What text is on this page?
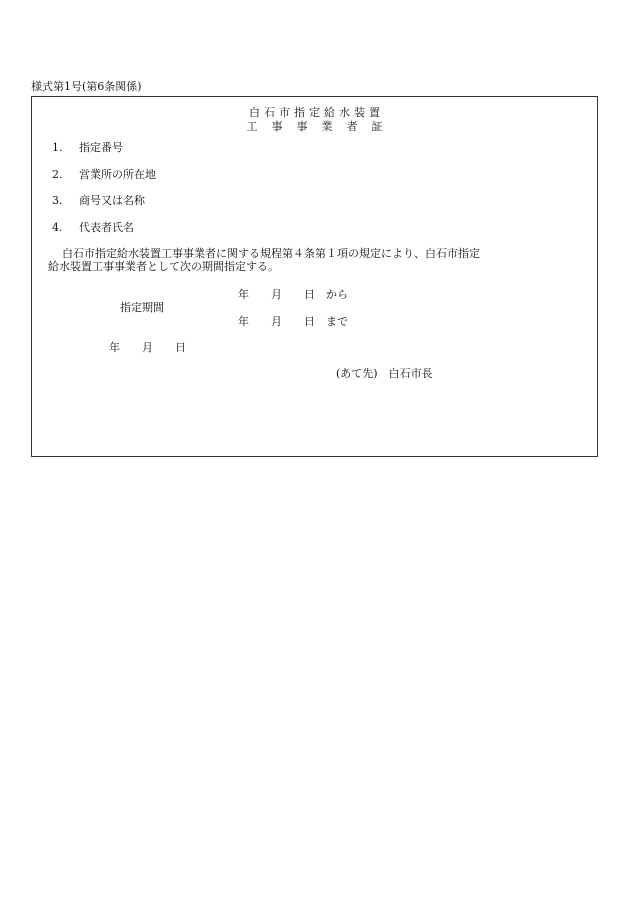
様式第1号(第6条関係)
白石市指定給水装置
工事事業者証
1. 指定番号
2. 営業所の所在地
3. 商号又は名称
4. 代表者氏名

白石市指定給水装置工事事業者に関する規程第４条第１項の規定により、白石市指定

給水装置工事事業者として次の期間指定する。

年　　月　　日　から
指定期間
年　　月　　日　まで
年　　月　　日
(あて先)　白石市長
